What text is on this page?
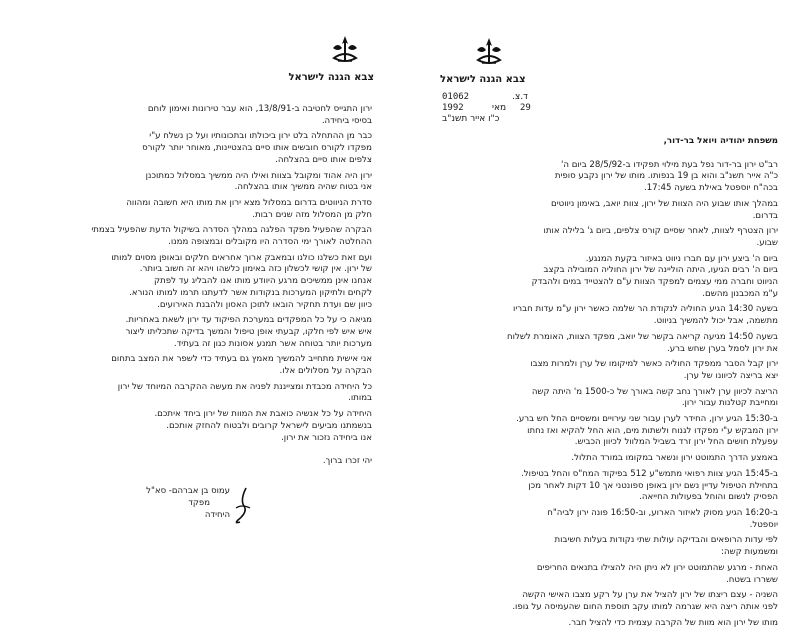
צבא הגנה לישראל

ירון התגייס לחטיבה ב-13/8/91, הוא עבר טירונות ואימון לוחם
בסיסי ביחידה.

כבר מן ההתחלה בלט ירון ביכולתו ובתכונותיו ועל כן נשלח ע"י
מפקדו לקורס חובשים אותו סיים בהצטיינות, מאוחר יותר לקורס
צלפים אותו סיים בהצלחה.

ירון היה אהוד ומקובל בצוות ואילו היה ממשיך במסלול כמתוכנן
אני בטוח שהיה ממשיך אותו בהצלחה.

סדרת הניווטים בדרום במסלול מצא ירון את מותו היא חשובה ומהווה
חלק מן המסלול מזה שנים רבות.

הבקרה שהפעיל מפקד הפלגה במהלך הסדרה בשיקול הדעת שהפעיל בצמתי
ההחלטה לאורך ימי הסדרה היו מקובלים ובמצופה ממנו.

ועם זאת כשלנו כולנו ובמאבק ארוך אחראים חלקים ובאופן מסוים למותו
של ירון. אין קושי לכשלון כזה באימון כלשהו ויהא זה חשוב ביותר.
אנחנו אינן ממשיכים מרגע היוודע מותו אנו להבליג עד לפתק
לקחים ולתיקון המערכות בנקודות אשר לדעתנו תרמו למותו הנורא.
כיוון שם ועדת תחקיר הובאו לתוכן האסון ולהבנת האירועים.

מגיאה כי על כל המפקדים במערכת הפיקוד עד ירון לשאת באחריות.
איש איש לפי חלקו, קבעתי אופן טיפול והמשך בדיקה שתכליתו ליצור
מערכות יותר בטוחה אשר תמנע אסונות כגון זה בעתיד.

אני אישית מתחייב להמשיך מאמץ גם בעתיד כדי לשפר את המצב בתחום
הבקרה על מסלולים אלו.

כל היחידה מכבדת ומצייננת לפניה את מעשה ההקרבה המיוחד של ירון
במותו.

היחידה על כל אנשיה כואבת את המוות של ירון ביחד איתכם.
בנשמתנו מביעים לישראל קרובים ולבטוח להחזק אותכם.
אנו ביחידה נזכור את ירון.

יהי זכרו ברוך.
עמוס בן אברהם- סא"ל
מפקד
היחידה
צבא הגנה לישראל
01062	ד.צ.
1992	מאי 29
כ"ו אייר תשנ"ב
משפחת יהודיה ויואל בר-דור,

רב"ט ירון בר-דור נפל בעת מילוי תפקידו ב-28/5/92 ביום ה'
כ"ה אייר תשנ"ב והוא בן 19 בנפותו. מותו של ירון נקבע סופית
בכה"ח יוספטל באילת בשעה 17:45.

במהלך אותו שבוע היה הצוות של ירון, צוות יואב, באימון ניווטים
בדרום.

ירון הצטרף לצוות, לאחר שסיים קורס צלפים, ביום ג' בלילה אותו
שבוע.

ביום ה' ביצע ירון עם חברו ניווט באיזור בקעת המנגע.
ביום ה' רבים הגיעו, היתה הוליינה של ירון החוליה המובילה בקצב
הניווט וחברה ממי עצמים למפקד הצוות ע"ם להצטייד במים ולהבדק
ע"מ המכבנון מהשם.

בשעה 14:30 הגיע החוליה לנקודת הר שלמה כאשר ירון ע"מ עדות חבריו
מתשמה, אבל יכול להמשיך בניווט.

בשעה 14:50 מגיעה קריאה בקשר של יואב, מפקד הצוות, האומרת לשלוח
את ירון לסמל בערן שחש ברע.

ירון קבל הסבר ממפקד החוליה כאשר למיקומו של ערן ולמרות מצבו
יצא בריצה לכיוונו של ערן.

הריצה לכיוון ערן לאורך נחב קשה באורך של כ-1500 מ' היתה קשה
ומחייבת קטלנות עבור ירון.

ב-15:30 הגיע ירון, החידר לערן עבור שני עירויים ומשסיים החל חש ברע.
ירון המבקש ע"י מפקדו לגנוח ולשתות מים, הוא החל להקיא ואז נחתו
עפעלת חושים החל ירון זרד בשביל המלוול לכיוון הכביש.

באמצע הדרך התמוטט ירון ונשאר במקומו במורד התלול.

ב-15:45 הגיע צוות רפואי מתמש"ע 512 בפיקוד המח"ס והחל בטיפול.
בתחילת הטיפול עדיין נשם ירון באופן ספונטני אך 10 דקות לאחר מכן
הפסיק לנשום והוחל בפעולות החייאה.

ב-16:20 הגיע מסוק לאיזור הארוע, וב-16:50 פונה ירון לביה"ח
יוספטל.

לפי עדות הרופאים והבדיקה עולות שתי נקודות בעלות חשיבות
ומשמעות קשה:

האחת - מרגע שהתמוטט ירון לא ניתן היה להצילו בתנאים החריפים
ששררו בשטח.

השניה - עצם ריצתו של ירון להציל את ערן על רקע מצבו האישי הקשה
לפני אותה ריצה היא שגרמה למותו עקב תוספת החום שהעמיסה על גופו.

מותו של ירון הוא מוות של הקרבה עצמית כדי להציל חבר.
